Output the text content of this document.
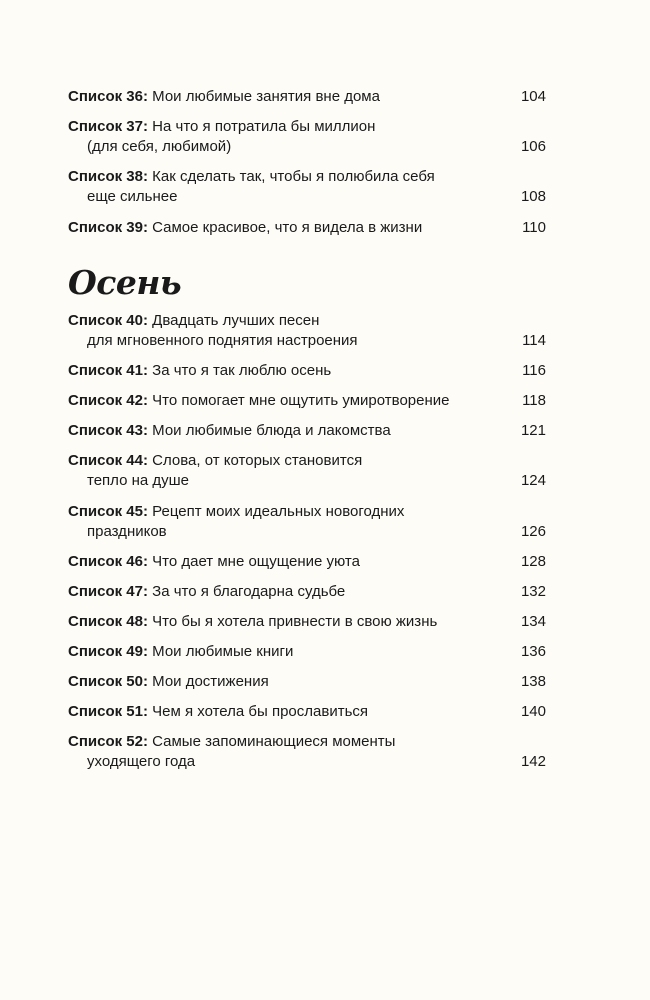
Список 36: Мои любимые занятия вне дома	104
Список 37: На что я потратила бы миллион
(для себя, любимой)	106
Список 38: Как сделать так, чтобы я полюбила себя
еще сильнее	108
Список 39: Самое красивое, что я видела в жизни	110
Осень
Список 40: Двадцать лучших песен
для мгновенного поднятия настроения	114
Список 41: За что я так люблю осень	116
Список 42: Что помогает мне ощутить умиротворение	118
Список 43: Мои любимые блюда и лакомства	121
Список 44: Слова, от которых становится
тепло на душе	124
Список 45: Рецепт моих идеальных новогодних
праздников	126
Список 46: Что дает мне ощущение уюта	128
Список 47: За что я благодарна судьбе	132
Список 48: Что бы я хотела привнести в свою жизнь	134
Список 49: Мои любимые книги	136
Список 50: Мои достижения	138
Список 51: Чем я хотела бы прославиться	140
Список 52: Самые запоминающиеся моменты
уходящего года	142
